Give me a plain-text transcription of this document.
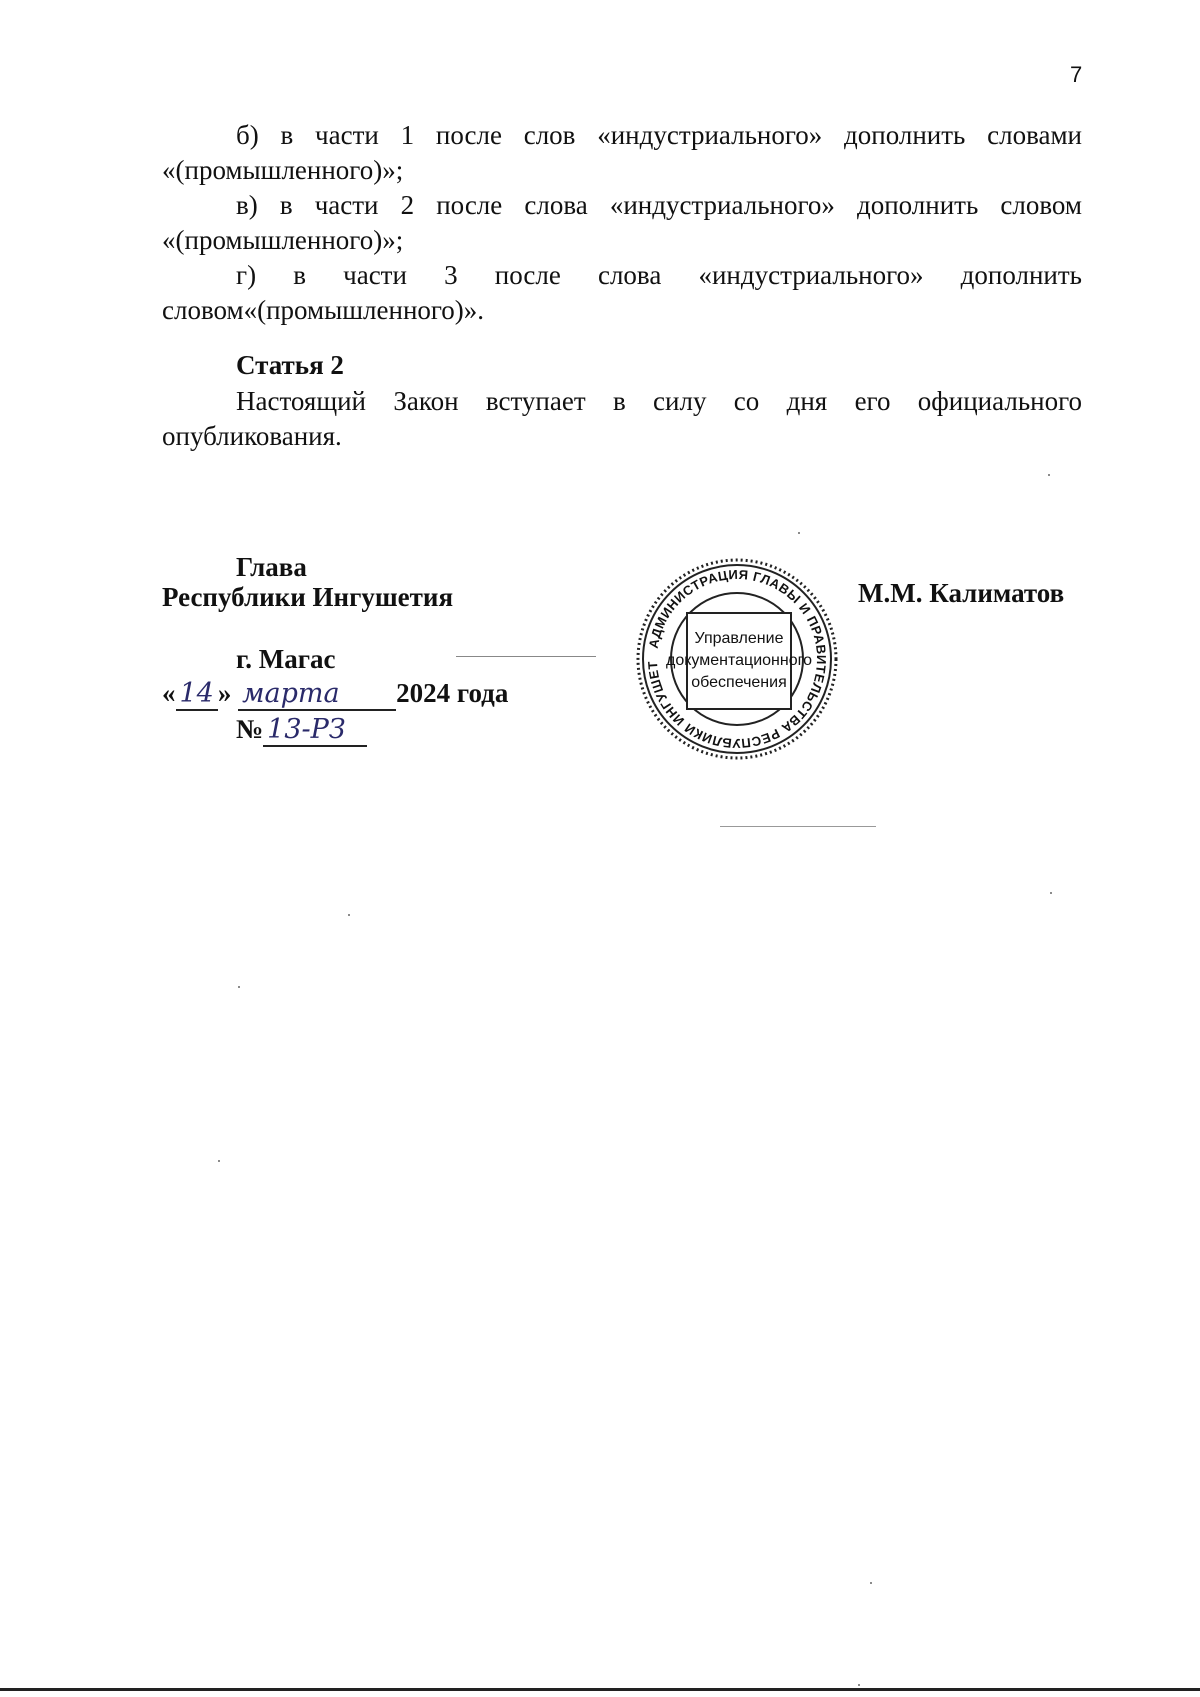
7

б) в части 1 после слов «индустриального» дополнить словами

«(промышленного)»;

в) в части 2 после слова «индустриального» дополнить словом

«(промышленного)»;

г) в части 3 после слова «индустриального» дополнить

словом«(промышленного)».

Статья 2

Настоящий Закон вступает в силу со дня его официального

опубликования.

Глава
Республики Ингушетия	М.М. Калиматов
г. Магас
« 14 » марта 2024 года
№ 13-РЗ
АДМИНИСТРАЦИЯ ГЛАВЫ И ПРАВИТЕЛЬСТВА РЕСПУБЛИКИ ИНГУШЕТ
Управление
документационного
обеспечения
